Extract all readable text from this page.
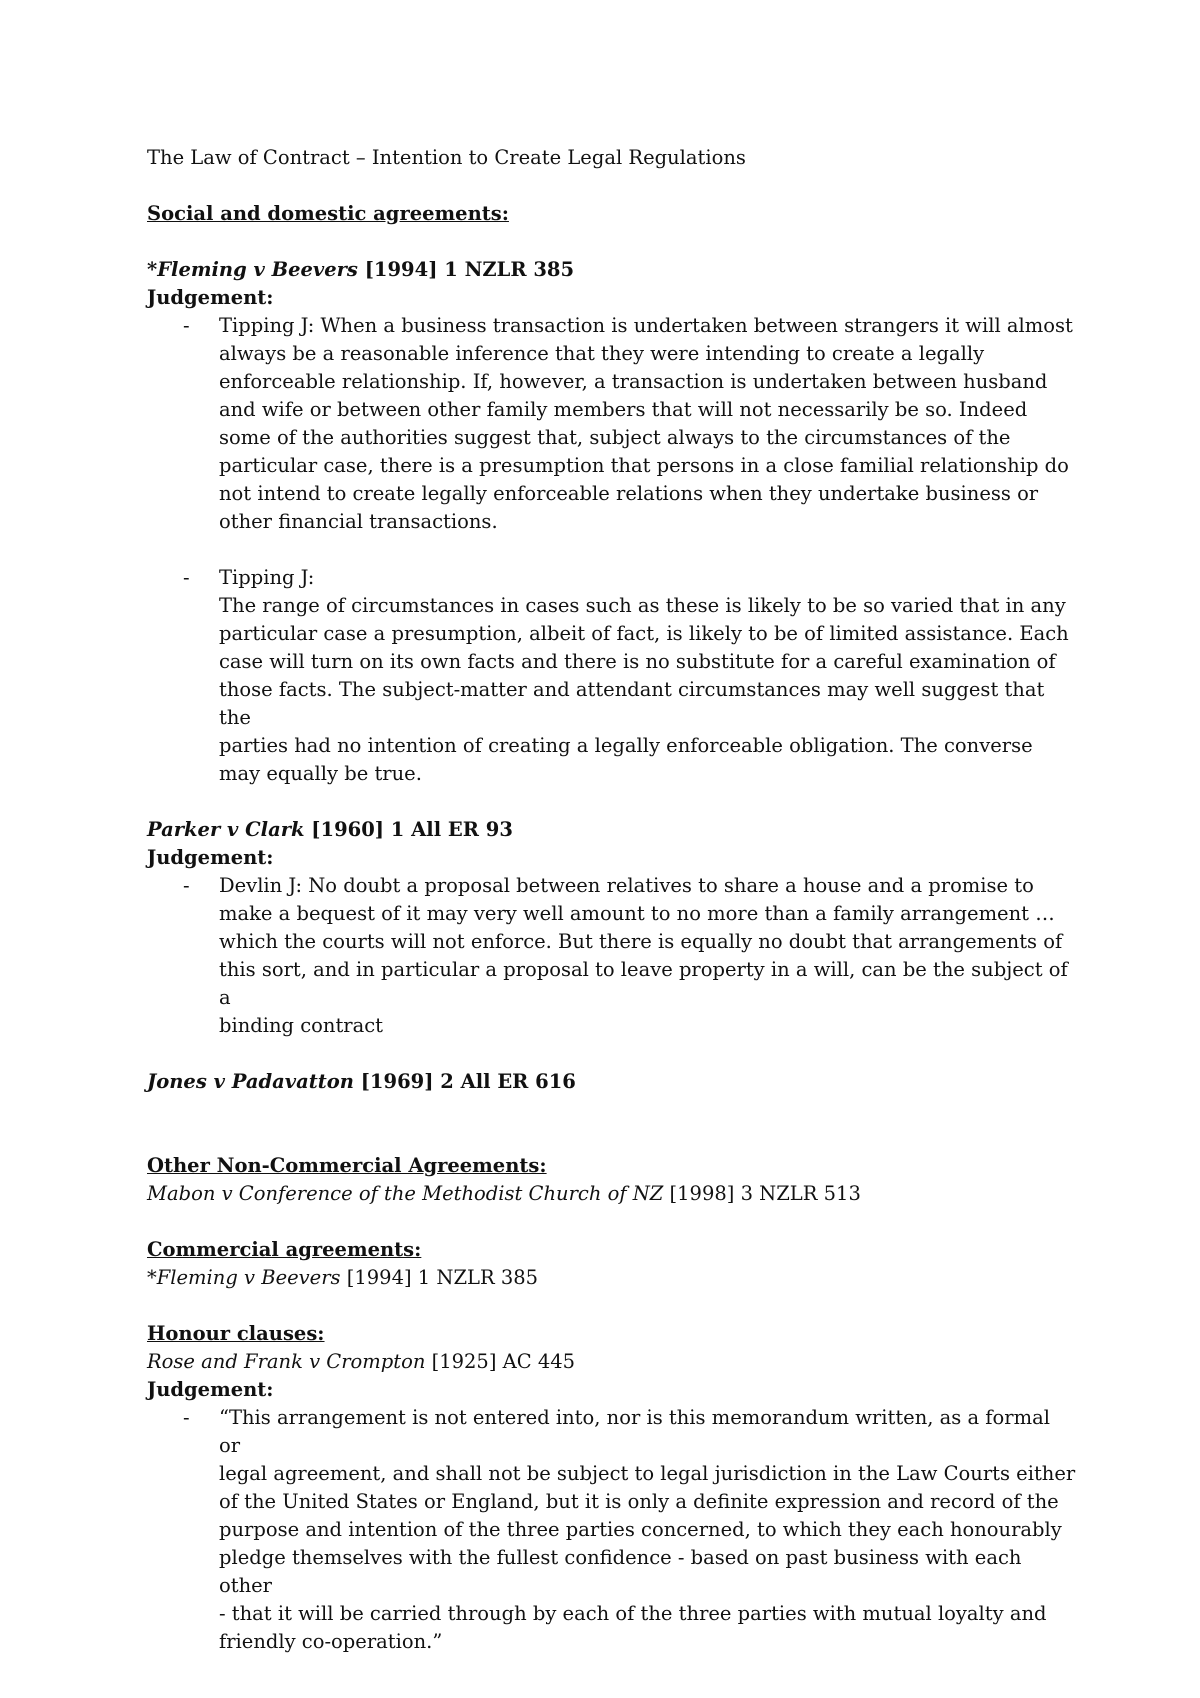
The Law of Contract – Intention to Create Legal Regulations

Social and domestic agreements:

*Fleming v Beevers [1994] 1 NZLR 385

Judgement:

- Tipping J: When a business transaction is undertaken between strangers it will almost
always be a reasonable inference that they were intending to create a legally
enforceable relationship. If, however, a transaction is undertaken between husband
and wife or between other family members that will not necessarily be so. Indeed
some of the authorities suggest that, subject always to the circumstances of the
particular case, there is a presumption that persons in a close familial relationship do
not intend to create legally enforceable relations when they undertake business or
other financial transactions.
- Tipping J:
The range of circumstances in cases such as these is likely to be so varied that in any
particular case a presumption, albeit of fact, is likely to be of limited assistance. Each
case will turn on its own facts and there is no substitute for a careful examination of
those facts. The subject-matter and attendant circumstances may well suggest that the
parties had no intention of creating a legally enforceable obligation. The converse
may equally be true.

Parker v Clark [1960] 1 All ER 93

Judgement:

- Devlin J: No doubt a proposal between relatives to share a house and a promise to
make a bequest of it may very well amount to no more than a family arrangement …
which the courts will not enforce. But there is equally no doubt that arrangements of
this sort, and in particular a proposal to leave property in a will, can be the subject of a
binding contract

Jones v Padavatton [1969] 2 All ER 616

Other Non-Commercial Agreements:

Mabon v Conference of the Methodist Church of NZ [1998] 3 NZLR 513

Commercial agreements:

*Fleming v Beevers [1994] 1 NZLR 385

Honour clauses:

Rose and Frank v Crompton [1925] AC 445

Judgement:

- “This arrangement is not entered into, nor is this memorandum written, as a formal or
legal agreement, and shall not be subject to legal jurisdiction in the Law Courts either
of the United States or England, but it is only a definite expression and record of the
purpose and intention of the three parties concerned, to which they each honourably
pledge themselves with the fullest confidence - based on past business with each other
- that it will be carried through by each of the three parties with mutual loyalty and
friendly co-operation.”
